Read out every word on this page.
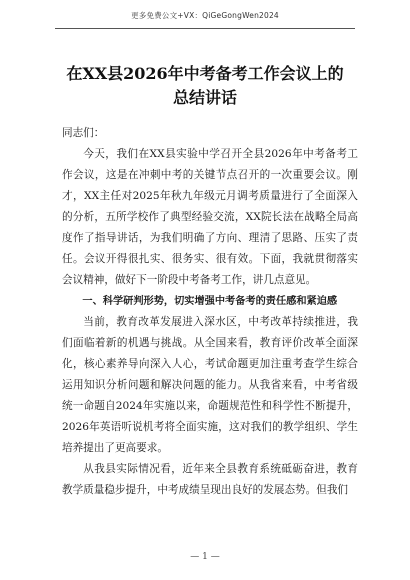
更多免费公文+VX：QiGeGongWen2024
在XX县2026年中考备考工作会议上的
总结讲话

同志们：

今天，我们在XX县实验中学召开全县2026年中考备考工作会议，这是在冲刺中考的关键节点召开的一次重要会议。刚才，XX主任对2025年秋九年级元月调考质量进行了全面深入的分析，五所学校作了典型经验交流，XX院长法在战略全局高度作了指导讲话，为我们明确了方向、理清了思路、压实了责任。会议开得很扎实、很务实、很有效。下面，我就贯彻落实会议精神，做好下一阶段中考备考工作，讲几点意见。

一、科学研判形势，切实增强中考备考的责任感和紧迫感

当前，教育改革发展进入深水区，中考改革持续推进，我们面临着新的机遇与挑战。从全国来看，教育评价改革全面深化，核心素养导向深入人心，考试命题更加注重考查学生综合运用知识分析问题和解决问题的能力。从我省来看，中考省级统一命题自2024年实施以来，命题规范性和科学性不断提升，2026年英语听说机考将全面实施，这对我们的教学组织、学生培养提出了更高要求。

从我县实际情况看，近年来全县教育系统砥砺奋进，教育教学质量稳步提升，中考成绩呈现出良好的发展态势。但我们

— 1 —
